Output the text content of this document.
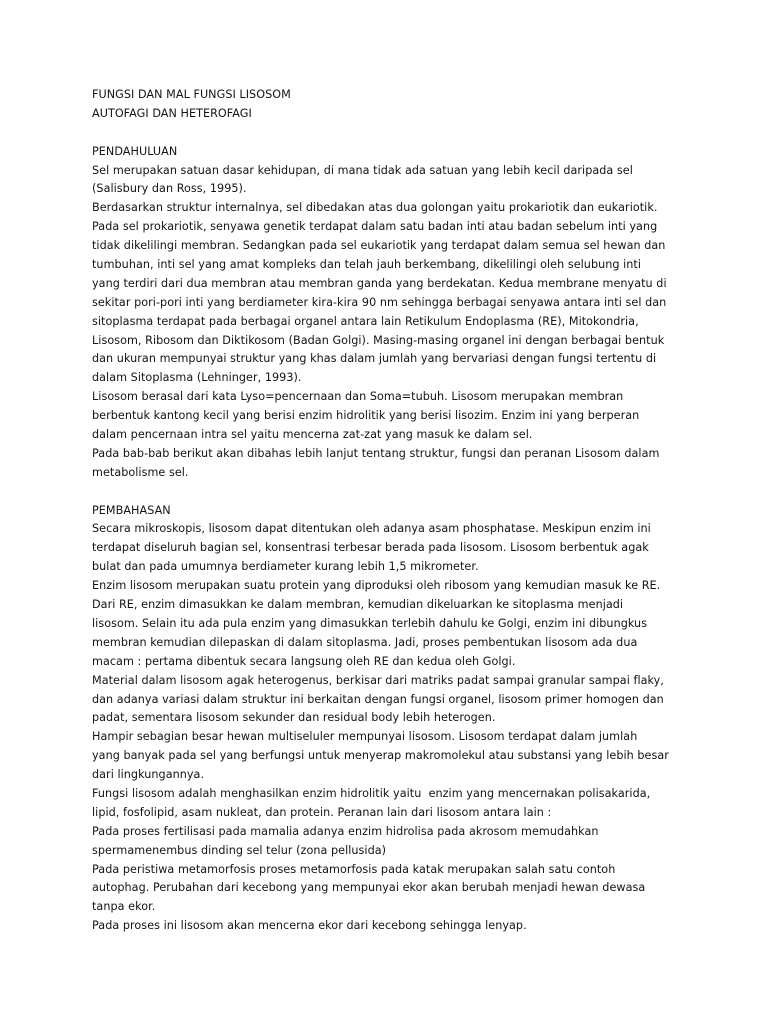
FUNGSI DAN MAL FUNGSI LISOSOM
AUTOFAGI DAN HETEROFAGI
PENDAHULUAN
Sel merupakan satuan dasar kehidupan, di mana tidak ada satuan yang lebih kecil daripada sel
(Salisbury dan Ross, 1995).
Berdasarkan struktur internalnya, sel dibedakan atas dua golongan yaitu prokariotik dan eukariotik.
Pada sel prokariotik, senyawa genetik terdapat dalam satu badan inti atau badan sebelum inti yang
tidak dikelilingi membran. Sedangkan pada sel eukariotik yang terdapat dalam semua sel hewan dan
tumbuhan, inti sel yang amat kompleks dan telah jauh berkembang, dikelilingi oleh selubung inti
yang terdiri dari dua membran atau membran ganda yang berdekatan. Kedua membrane menyatu di
sekitar pori-pori inti yang berdiameter kira-kira 90 nm sehingga berbagai senyawa antara inti sel dan
sitoplasma terdapat pada berbagai organel antara lain Retikulum Endoplasma (RE), Mitokondria,
Lisosom, Ribosom dan Diktikosom (Badan Golgi). Masing-masing organel ini dengan berbagai bentuk
dan ukuran mempunyai struktur yang khas dalam jumlah yang bervariasi dengan fungsi tertentu di
dalam Sitoplasma (Lehninger, 1993).
Lisosom berasal dari kata Lyso=pencernaan dan Soma=tubuh. Lisosom merupakan membran
berbentuk kantong kecil yang berisi enzim hidrolitik yang berisi lisozim. Enzim ini yang berperan
dalam pencernaan intra sel yaitu mencerna zat-zat yang masuk ke dalam sel.
Pada bab-bab berikut akan dibahas lebih lanjut tentang struktur, fungsi dan peranan Lisosom dalam
metabolisme sel.
PEMBAHASAN
Secara mikroskopis, lisosom dapat ditentukan oleh adanya asam phosphatase. Meskipun enzim ini
terdapat diseluruh bagian sel, konsentrasi terbesar berada pada lisosom. Lisosom berbentuk agak
bulat dan pada umumnya berdiameter kurang lebih 1,5 mikrometer.
Enzim lisosom merupakan suatu protein yang diproduksi oleh ribosom yang kemudian masuk ke RE.
Dari RE, enzim dimasukkan ke dalam membran, kemudian dikeluarkan ke sitoplasma menjadi
lisosom. Selain itu ada pula enzim yang dimasukkan terlebih dahulu ke Golgi, enzim ini dibungkus
membran kemudian dilepaskan di dalam sitoplasma. Jadi, proses pembentukan lisosom ada dua
macam : pertama dibentuk secara langsung oleh RE dan kedua oleh Golgi.
Material dalam lisosom agak heterogenus, berkisar dari matriks padat sampai granular sampai flaky,
dan adanya variasi dalam struktur ini berkaitan dengan fungsi organel, lisosom primer homogen dan
padat, sementara lisosom sekunder dan residual body lebih heterogen.
Hampir sebagian besar hewan multiseluler mempunyai lisosom. Lisosom terdapat dalam jumlah
yang banyak pada sel yang berfungsi untuk menyerap makromolekul atau substansi yang lebih besar
dari lingkungannya.
Fungsi lisosom adalah menghasilkan enzim hidrolitik yaitu  enzim yang mencernakan polisakarida,
lipid, fosfolipid, asam nukleat, dan protein. Peranan lain dari lisosom antara lain :
Pada proses fertilisasi pada mamalia adanya enzim hidrolisa pada akrosom memudahkan
spermamenembus dinding sel telur (zona pellusida)
Pada peristiwa metamorfosis proses metamorfosis pada katak merupakan salah satu contoh
autophag. Perubahan dari kecebong yang mempunyai ekor akan berubah menjadi hewan dewasa
tanpa ekor.
Pada proses ini lisosom akan mencerna ekor dari kecebong sehingga lenyap.
